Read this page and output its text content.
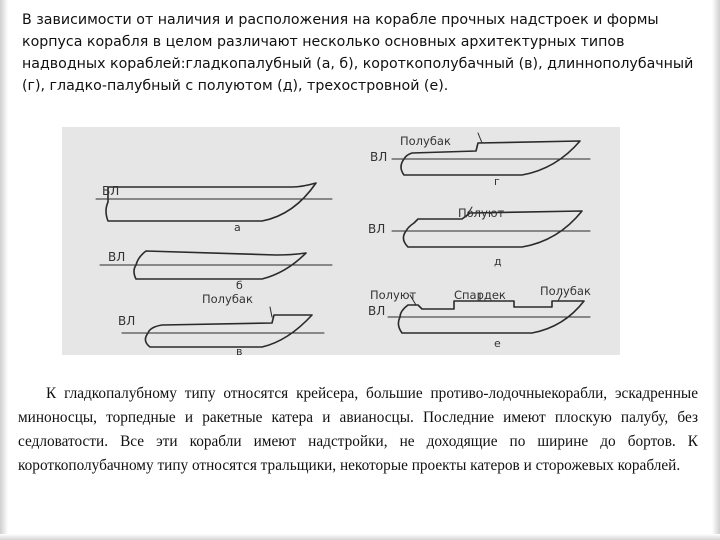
В зависимости от наличия и расположения на корабле прочных надстроек и формы корпуса корабля в целом различают несколько основных архитектурных типов надводных кораблей:гладкопалубный (а, б), короткополубачный (в), длиннополубачный (г), гладко-палубный с полуютом (д), трехостровной (е).

ВЛ
ВЛ
ВЛ
ВЛ
ВЛ
ВЛ
Полубак
Полубак
Полуют
Полуют	Спардек	Полубак
а
б
в
г
д
е

К гладкопалубному типу относятся крейсера, большие противо-лодочныекорабли, эскадренные миноносцы, торпедные и ракетные катера и авианосцы. Последние имеют плоскую палубу, без седловатости. Все эти корабли имеют надстройки, не доходящие по ширине до бортов. К короткополубачному типу относятся тральщики, некоторые проекты катеров и сторожевых кораблей.
